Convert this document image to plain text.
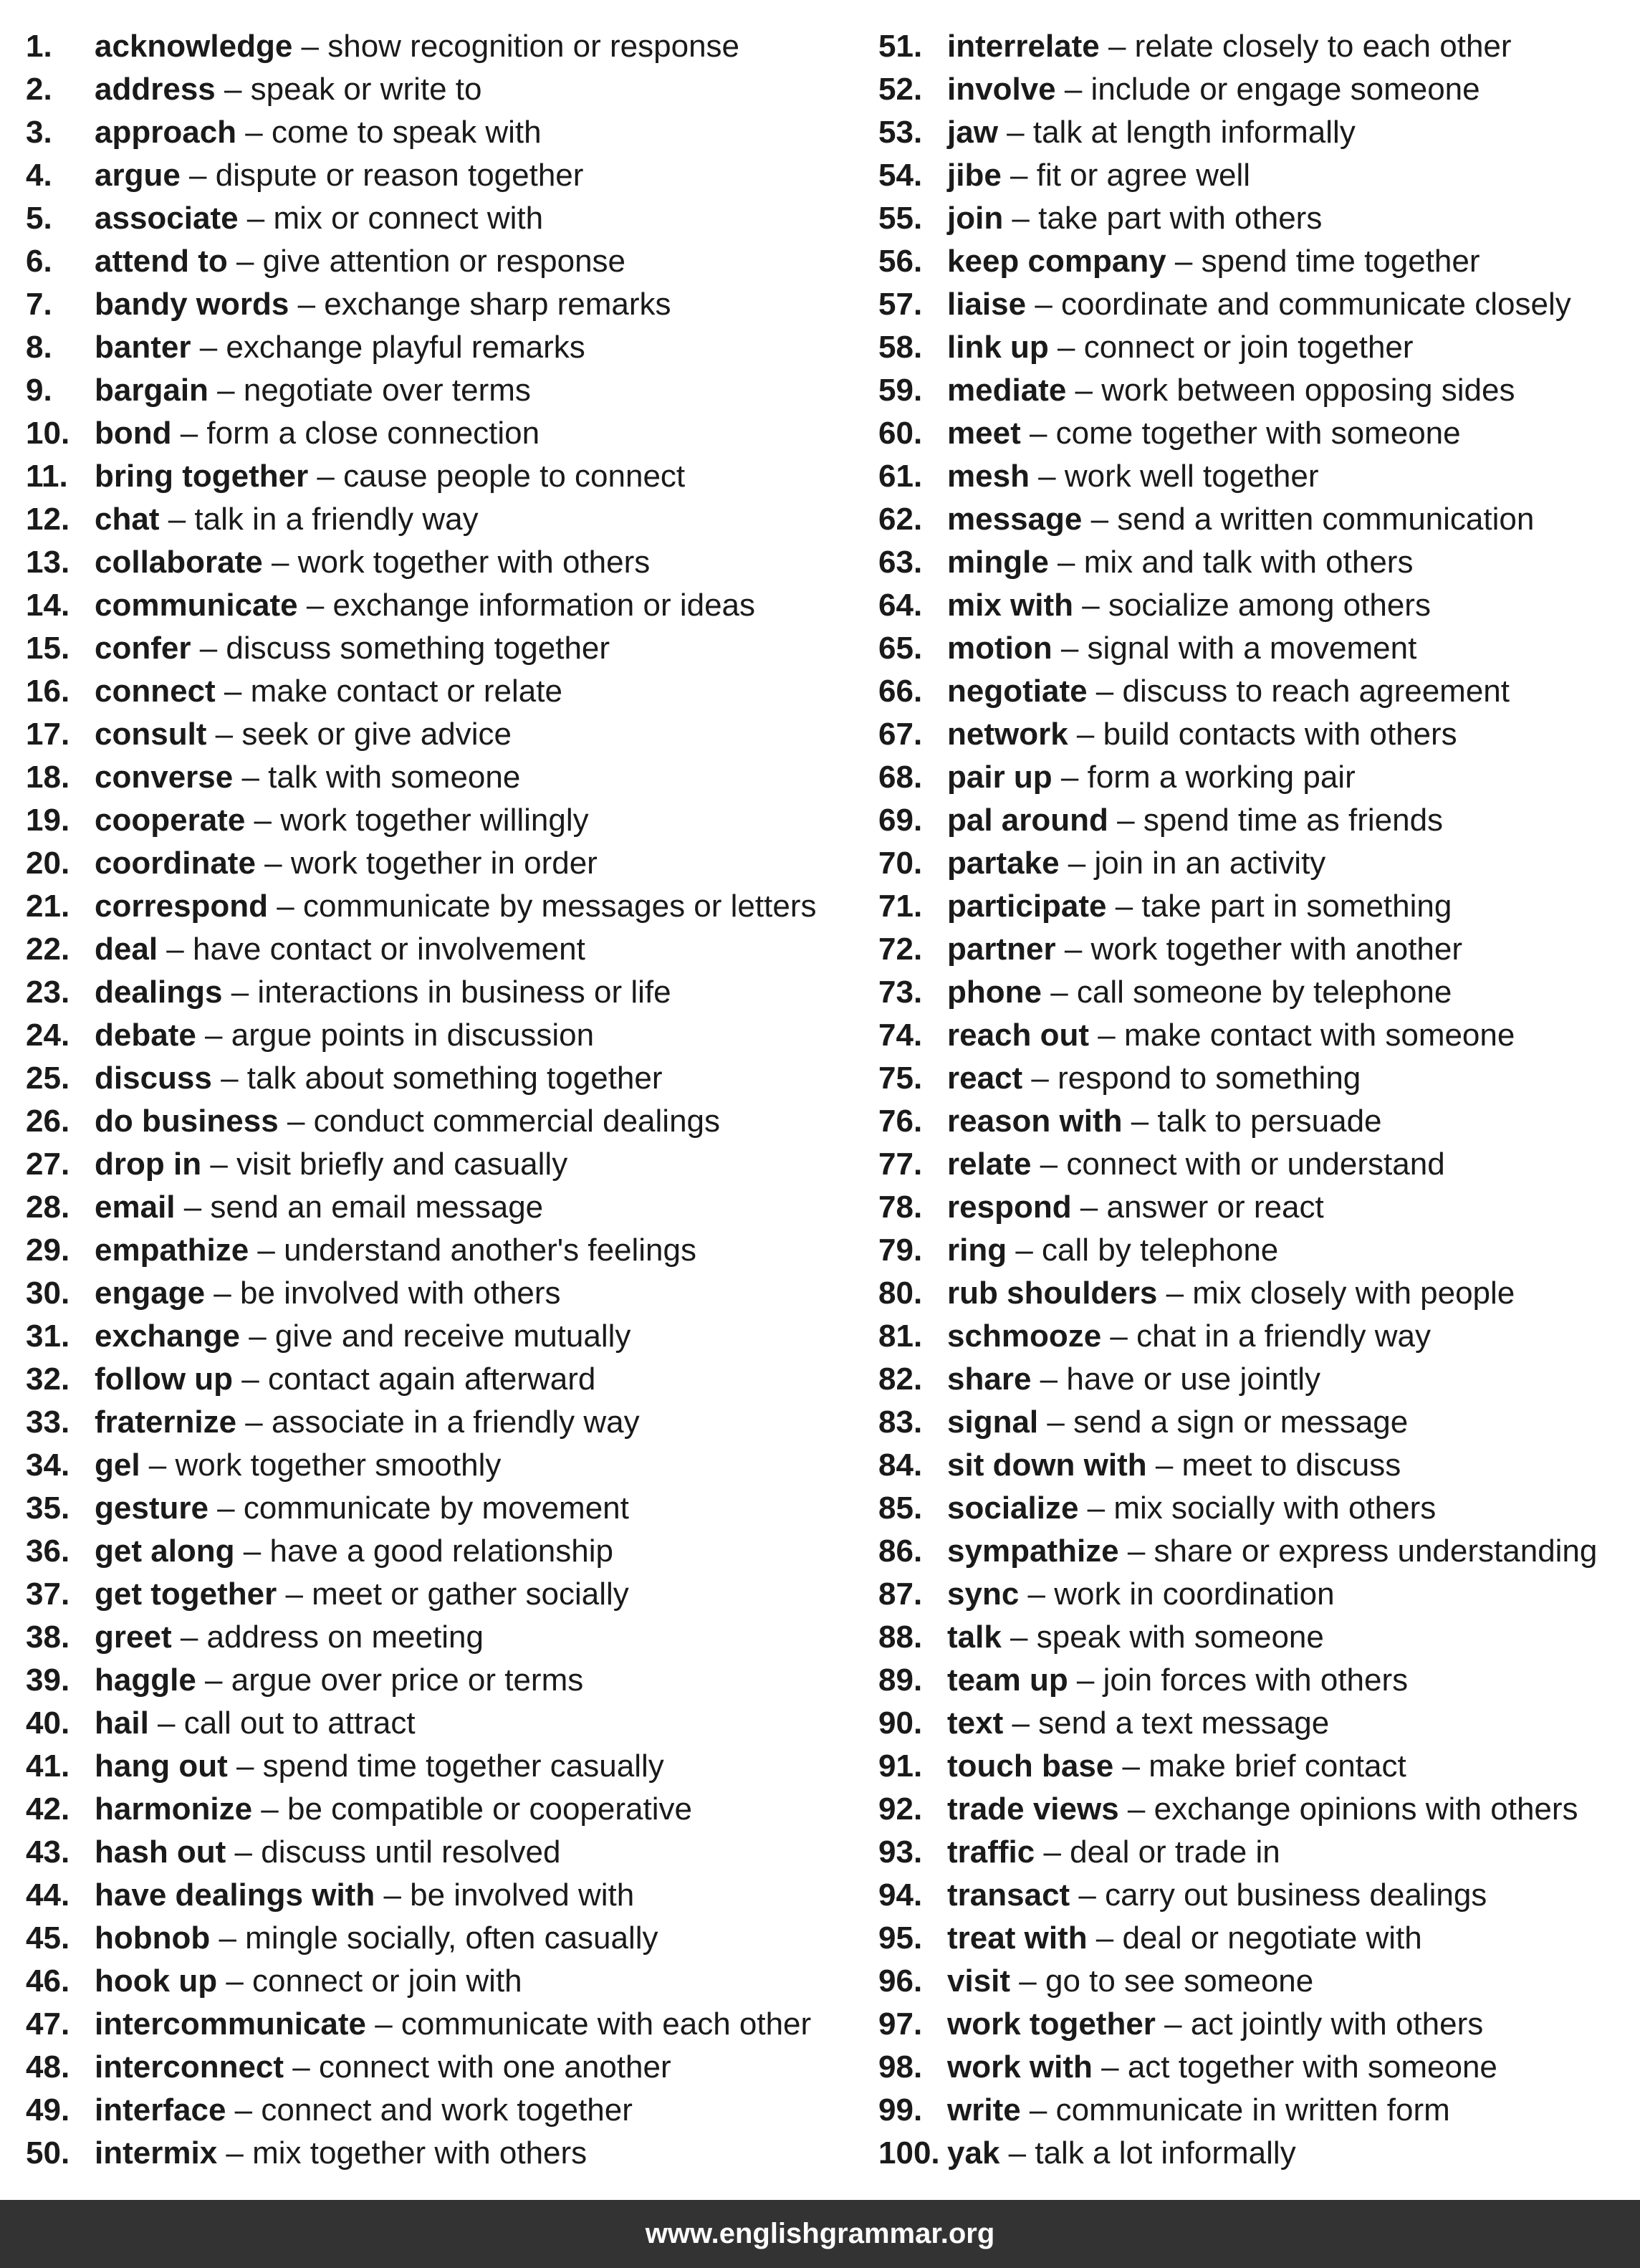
1.	acknowledge – show recognition or response
2.	address – speak or write to
3.	approach – come to speak with
4.	argue – dispute or reason together
5.	associate – mix or connect with
6.	attend to – give attention or response
7.	bandy words – exchange sharp remarks
8.	banter – exchange playful remarks
9.	bargain – negotiate over terms
10. bond – form a close connection
11. bring together – cause people to connect
12. chat – talk in a friendly way
13. collaborate – work together with others
14. communicate – exchange information or ideas
15. confer – discuss something together
16. connect – make contact or relate
17. consult – seek or give advice
18. converse – talk with someone
19. cooperate – work together willingly
20. coordinate – work together in order
21. correspond – communicate by messages or letters
22. deal – have contact or involvement
23. dealings – interactions in business or life
24. debate – argue points in discussion
25. discuss – talk about something together
26. do business – conduct commercial dealings
27. drop in – visit briefly and casually
28. email – send an email message
29. empathize – understand another's feelings
30. engage – be involved with others
31. exchange – give and receive mutually
32. follow up – contact again afterward
33. fraternize – associate in a friendly way
34. gel – work together smoothly
35. gesture – communicate by movement
36. get along – have a good relationship
37. get together – meet or gather socially
38. greet – address on meeting
39. haggle – argue over price or terms
40. hail – call out to attract
41. hang out – spend time together casually
42. harmonize – be compatible or cooperative
43. hash out – discuss until resolved
44. have dealings with – be involved with
45. hobnob – mingle socially, often casually
46. hook up – connect or join with
47. intercommunicate – communicate with each other
48. interconnect – connect with one another
49. interface – connect and work together
50. intermix – mix together with others
51. interrelate – relate closely to each other
52. involve – include or engage someone
53. jaw – talk at length informally
54. jibe – fit or agree well
55. join – take part with others
56. keep company – spend time together
57. liaise – coordinate and communicate closely
58. link up – connect or join together
59. mediate – work between opposing sides
60. meet – come together with someone
61. mesh – work well together
62. message – send a written communication
63. mingle – mix and talk with others
64. mix with – socialize among others
65. motion – signal with a movement
66. negotiate – discuss to reach agreement
67. network – build contacts with others
68. pair up – form a working pair
69. pal around – spend time as friends
70. partake – join in an activity
71. participate – take part in something
72. partner – work together with another
73. phone – call someone by telephone
74. reach out – make contact with someone
75. react – respond to something
76. reason with – talk to persuade
77. relate – connect with or understand
78. respond – answer or react
79. ring – call by telephone
80. rub shoulders – mix closely with people
81. schmooze – chat in a friendly way
82. share – have or use jointly
83. signal – send a sign or message
84. sit down with – meet to discuss
85. socialize – mix socially with others
86. sympathize – share or express understanding
87. sync – work in coordination
88. talk – speak with someone
89. team up – join forces with others
90. text – send a text message
91. touch base – make brief contact
92. trade views – exchange opinions with others
93. traffic – deal or trade in
94. transact – carry out business dealings
95. treat with – deal or negotiate with
96. visit – go to see someone
97. work together – act jointly with others
98. work with – act together with someone
99. write – communicate in written form
100. yak – talk a lot informally
www.englishgrammar.org
